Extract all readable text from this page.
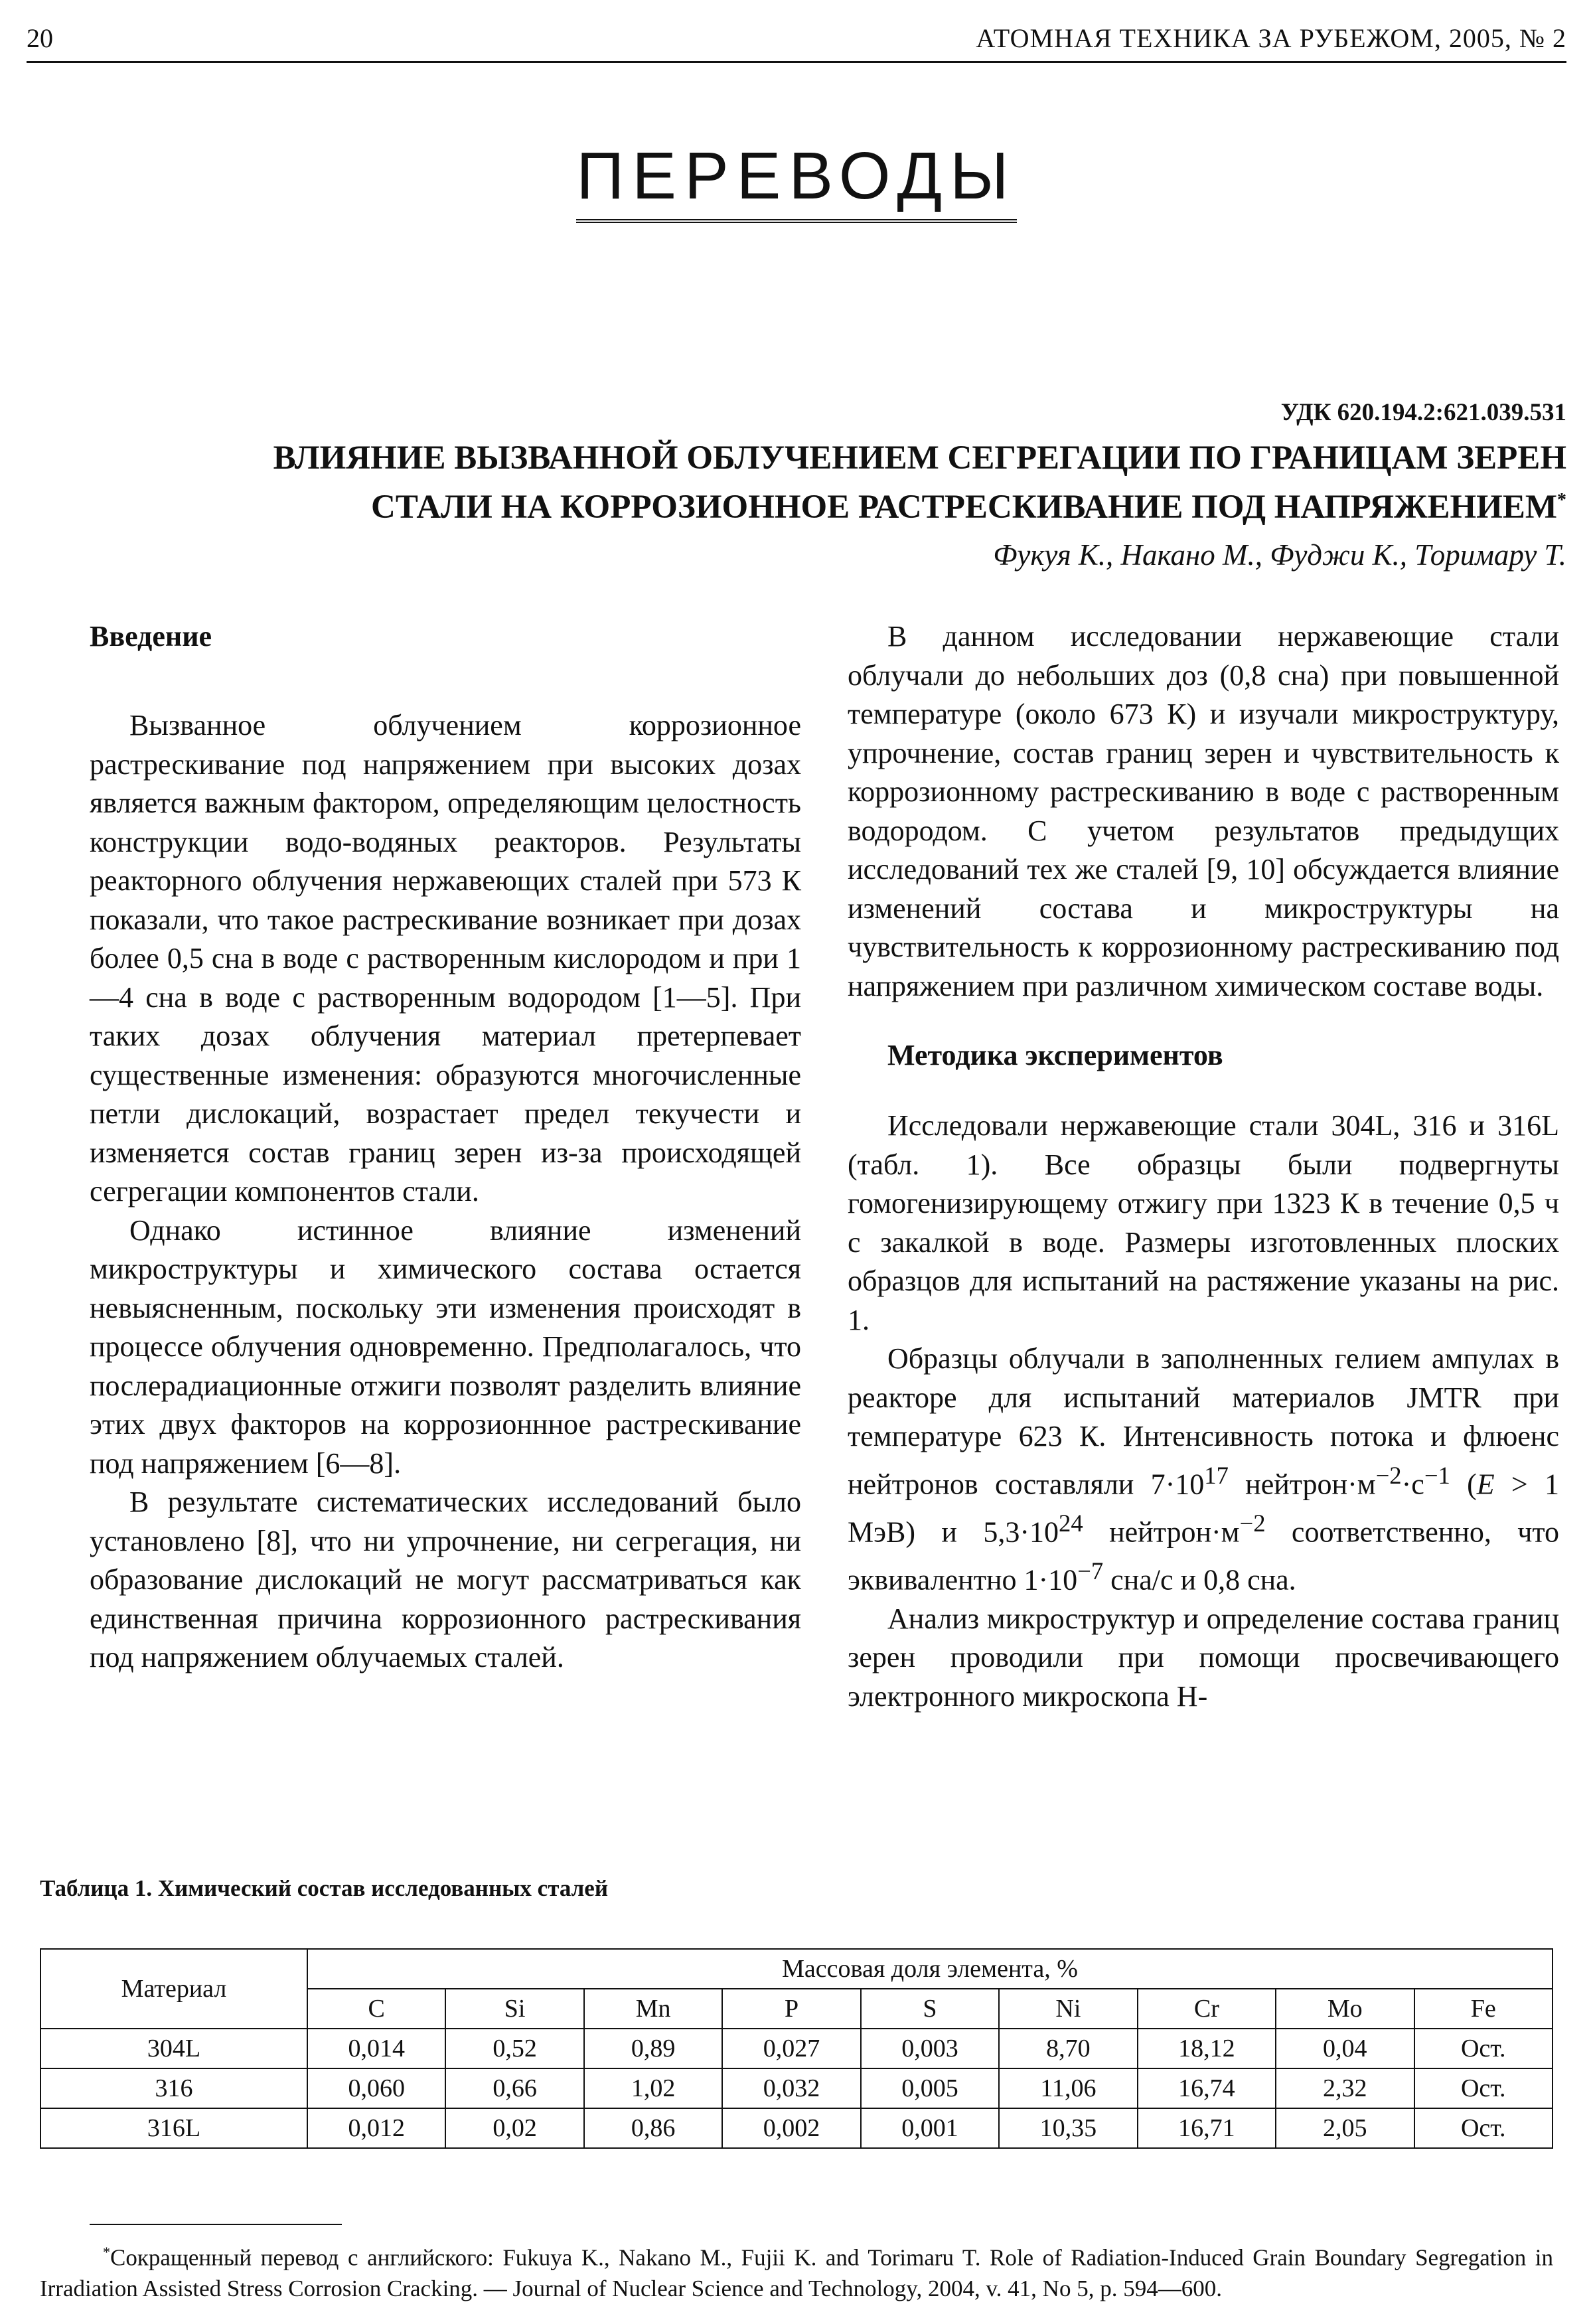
20	АТОМНАЯ ТЕХНИКА ЗА РУБЕЖОМ, 2005, № 2
ПЕРЕВОДЫ
УДК 620.194.2:621.039.531
ВЛИЯНИЕ ВЫЗВАННОЙ ОБЛУЧЕНИЕМ СЕГРЕГАЦИИ ПО ГРАНИЦАМ ЗЕРЕН
СТАЛИ НА КОРРОЗИОННОЕ РАСТРЕСКИВАНИЕ ПОД НАПРЯЖЕНИЕМ*
Фукуя К., Накано М., Фуджи К., Торимару Т.
Введение

Вызванное облучением коррозионное растрескивание под напряжением при высоких дозах является важным фактором, определяющим целостность конструкции водо-водяных реакторов. Результаты реакторного облучения нержавеющих сталей при 573 К показали, что такое растрескивание возникает при дозах более 0,5 сна в воде с растворенным кислородом и при 1—4 сна в воде с растворенным водородом [1—5]. При таких дозах облучения материал претерпевает существенные изменения: образуются многочисленные петли дислокаций, возрастает предел текучести и изменяется состав границ зерен из-за происходящей сегрегации компонентов стали.

Однако истинное влияние изменений микроструктуры и химического состава остается невыясненным, поскольку эти изменения происходят в процессе облучения одновременно. Предполагалось, что послерадиационные отжиги позволят разделить влияние этих двух факторов на коррозионнное растрескивание под напряжением [6—8].

В результате систематических исследований было установлено [8], что ни упрочнение, ни сегрегация, ни образование дислокаций не могут рассматриваться как единственная причина коррозионного растрескивания под напряжением облучаемых сталей.

В данном исследовании нержавеющие стали облучали до небольших доз (0,8 сна) при повышенной температуре (около 673 К) и изучали микроструктуру, упрочнение, состав границ зерен и чувствительность к коррозионному растрескиванию в воде с растворенным водородом. С учетом результатов предыдущих исследований тех же сталей [9, 10] обсуждается влияние изменений состава и микроструктуры на чувствительность к коррозионному растрескиванию под напряжением при различном химическом составе воды.

Методика экспериментов

Исследовали нержавеющие стали 304L, 316 и 316L (табл. 1). Все образцы были подвергнуты гомогенизирующему отжигу при 1323 К в течение 0,5 ч с закалкой в воде. Размеры изготовленных плоских образцов для испытаний на растяжение указаны на рис. 1.

Образцы облучали в заполненных гелием ампулах в реакторе для испытаний материалов JMTR при температуре 623 К. Интенсивность потока и флюенс нейтронов составляли $7\cdot 10^{17}$ $нейтрон\cdot м^{-2}\cdot с^{-1}$ (E > 1 МэВ) и $5,3\cdot 10^{24}$ $нейтрон\cdot м^{-2}$ соответственно, что эквивалентно $1\cdot 10^{-7}$ сна/с и 0,8 сна.

Анализ микроструктур и определение состава границ зерен проводили при помощи просвечивающего электронного микроскопа Н-

Таблица 1. Химический состав исследованных сталей
Материал	Массовая доля элемента, %								
	C	Si	Mn	P	S	Ni	Cr	Mo	Fe
304L	0,014	0,52	0,89	0,027	0,003	8,70	18,12	0,04	Ост.
316	0,060	0,66	1,02	0,032	0,005	11,06	16,74	2,32	Ост.
316L	0,012	0,02	0,86	0,002	0,001	10,35	16,71	2,05	Ост.
*Сокращенный перевод с английского: Fukuya K., Nakano M., Fujii K. and Torimaru T. Role of Radiation-Induced Grain Boundary Segregation in Irradiation Assisted Stress Corrosion Cracking. — Journal of Nuclear Science and Technology, 2004, v. 41, No 5, p. 594—600.
